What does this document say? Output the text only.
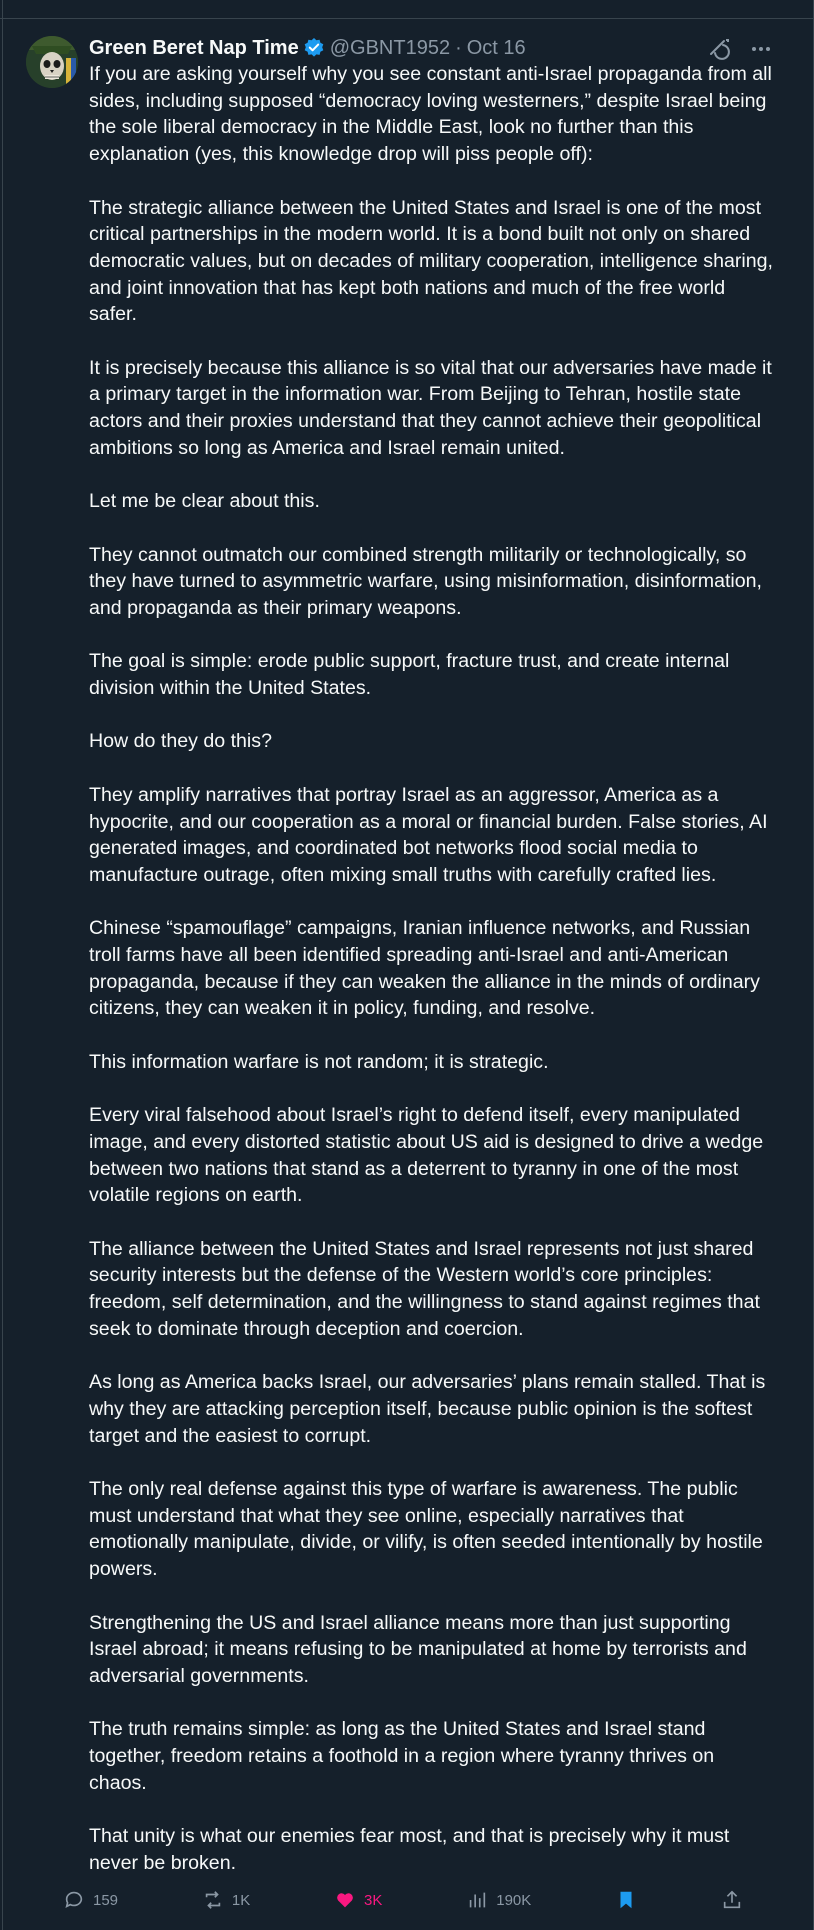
Green Beret Nap Time @GBNT1952 · Oct 16

If you are asking yourself why you see constant anti-Israel propaganda from all sides, including supposed “democracy loving westerners,” despite Israel being the sole liberal democracy in the Middle East, look no further than this explanation (yes, this knowledge drop will piss people off):

The strategic alliance between the United States and Israel is one of the most critical partnerships in the modern world. It is a bond built not only on shared democratic values, but on decades of military cooperation, intelligence sharing, and joint innovation that has kept both nations and much of the free world safer.

It is precisely because this alliance is so vital that our adversaries have made it a primary target in the information war. From Beijing to Tehran, hostile state actors and their proxies understand that they cannot achieve their geopolitical ambitions so long as America and Israel remain united.

Let me be clear about this.

They cannot outmatch our combined strength militarily or technologically, so they have turned to asymmetric warfare, using misinformation, disinformation, and propaganda as their primary weapons.

The goal is simple: erode public support, fracture trust, and create internal division within the United States.

How do they do this?

They amplify narratives that portray Israel as an aggressor, America as a hypocrite, and our cooperation as a moral or financial burden. False stories, AI generated images, and coordinated bot networks flood social media to manufacture outrage, often mixing small truths with carefully crafted lies.

Chinese “spamouflage” campaigns, Iranian influence networks, and Russian troll farms have all been identified spreading anti-Israel and anti-American propaganda, because if they can weaken the alliance in the minds of ordinary citizens, they can weaken it in policy, funding, and resolve.

This information warfare is not random; it is strategic.

Every viral falsehood about Israel’s right to defend itself, every manipulated image, and every distorted statistic about US aid is designed to drive a wedge between two nations that stand as a deterrent to tyranny in one of the most volatile regions on earth.

The alliance between the United States and Israel represents not just shared security interests but the defense of the Western world’s core principles: freedom, self determination, and the willingness to stand against regimes that seek to dominate through deception and coercion.

As long as America backs Israel, our adversaries’ plans remain stalled. That is why they are attacking perception itself, because public opinion is the softest target and the easiest to corrupt.

The only real defense against this type of warfare is awareness. The public must understand that what they see online, especially narratives that emotionally manipulate, divide, or vilify, is often seeded intentionally by hostile powers.

Strengthening the US and Israel alliance means more than just supporting Israel abroad; it means refusing to be manipulated at home by terrorists and adversarial governments.

The truth remains simple: as long as the United States and Israel stand together, freedom retains a foothold in a region where tyranny thrives on chaos.

That unity is what our enemies fear most, and that is precisely why it must never be broken.

159	1K	3K	190K
